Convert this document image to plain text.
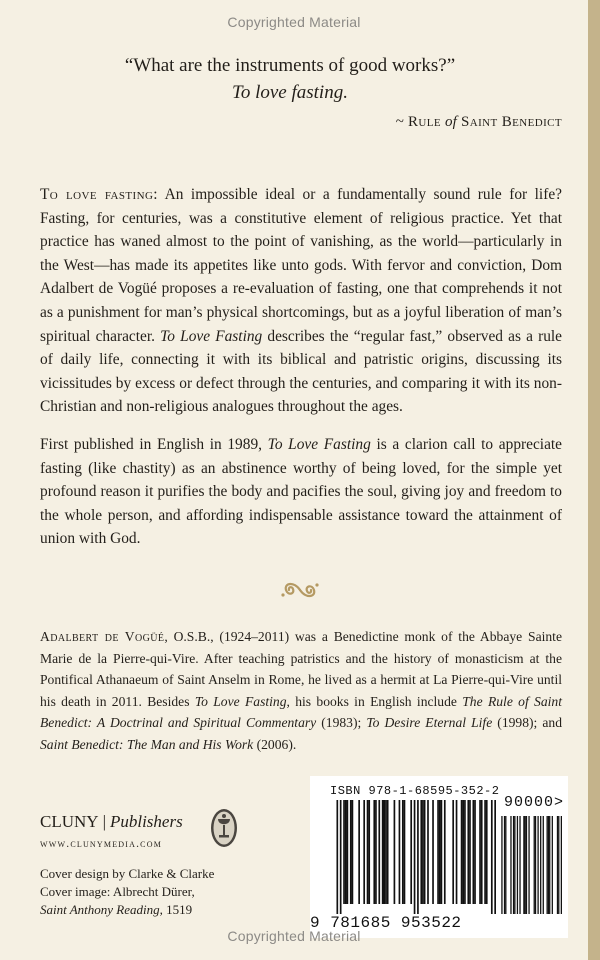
Copyrighted Material
“What are the instruments of good works?”
To love fasting.
~ Rule of Saint Benedict

To love fasting: An impossible ideal or a fundamentally sound rule for life? Fasting, for centuries, was a constitutive element of religious practice. Yet that practice has waned almost to the point of vanishing, as the world—particularly in the West—has made its appetites like unto gods. With fervor and conviction, Dom Adalbert de Vogüé proposes a re-evaluation of fasting, one that comprehends it not as a punishment for man’s physical shortcomings, but as a joyful liberation of man’s spiritual character. To Love Fasting describes the “regular fast,” observed as a rule of daily life, connecting it with its biblical and patristic origins, discussing its vicissitudes by excess or defect through the centuries, and comparing it with its non-Christian and non-religious analogues throughout the ages.

First published in English in 1989, To Love Fasting is a clarion call to appreciate fasting (like chastity) as an abstinence worthy of being loved, for the simple yet profound reason it purifies the body and pacifies the soul, giving joy and freedom to the whole person, and affording indispensable assistance toward the attainment of union with God.

Adalbert de Vogüé, O.S.B., (1924–2011) was a Benedictine monk of the Abbaye Sainte Marie de la Pierre-qui-Vire. After teaching patristics and the history of monasticism at the Pontifical Athanaeum of Saint Anselm in Rome, he lived as a hermit at La Pierre-qui-Vire until his death in 2011. Besides To Love Fasting, his books in English include The Rule of Saint Benedict: A Doctrinal and Spiritual Commentary (1983); To Desire Eternal Life (1998); and Saint Benedict: The Man and His Work (2006).
CLUNY | Publishers
www.clunymedia.com
Cover design by Clarke & Clarke
Cover image: Albrecht Dürer,
Saint Anthony Reading, 1519
ISBN 978-1-68595-352-2
90000>
9 781685 953522
Copyrighted Material
